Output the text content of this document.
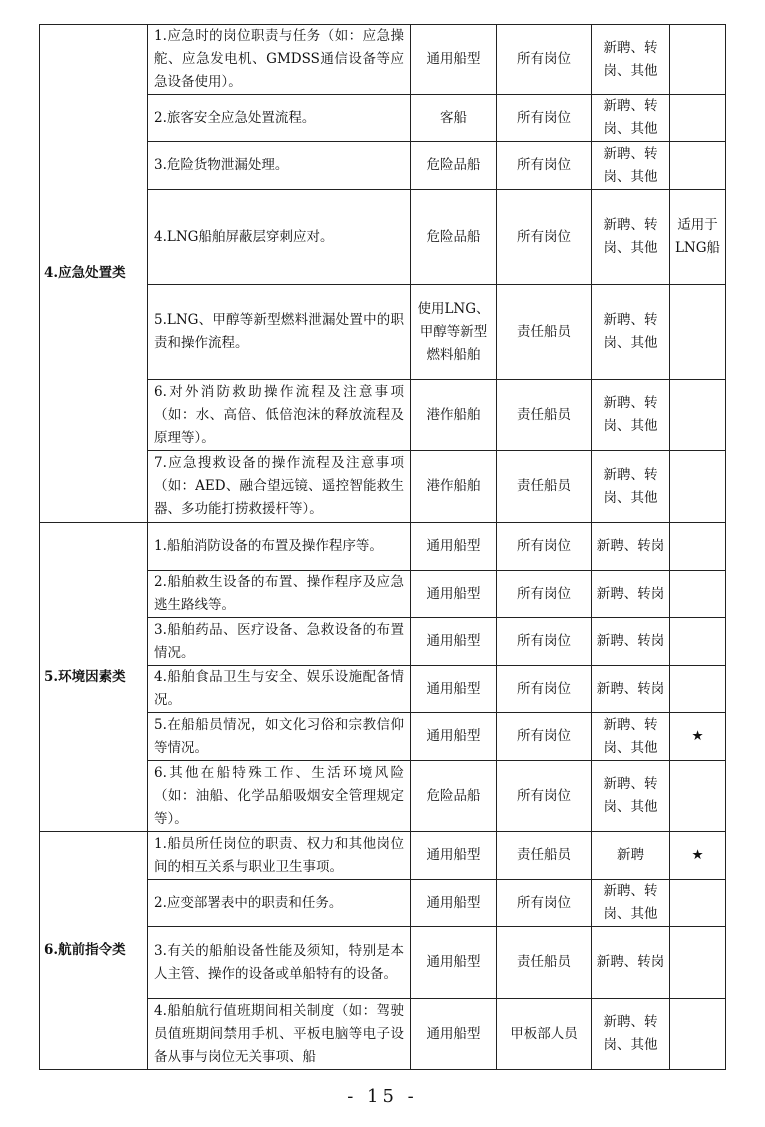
4.应急处置类	1.应急时的岗位职责与任务（如：应急操舵、应急发电机、GMDSS通信设备等应急设备使用）。	通用船型	所有岗位	新聘、转岗、其他	
	2.旅客安全应急处置流程。	客船	所有岗位	新聘、转岗、其他	
	3.危险货物泄漏处理。	危险品船	所有岗位	新聘、转岗、其他	
	4.LNG船舶屏蔽层穿刺应对。	危险品船	所有岗位	新聘、转岗、其他	适用于LNG船
	5.LNG、甲醇等新型燃料泄漏处置中的职责和操作流程。	使用LNG、甲醇等新型燃料船舶	责任船员	新聘、转岗、其他	
	6.对外消防救助操作流程及注意事项（如：水、高倍、低倍泡沫的释放流程及原理等）。	港作船舶	责任船员	新聘、转岗、其他	
	7.应急搜救设备的操作流程及注意事项（如：AED、融合望远镜、遥控智能救生器、多功能打捞救援杆等）。	港作船舶	责任船员	新聘、转岗、其他	
5.环境因素类	1.船舶消防设备的布置及操作程序等。	通用船型	所有岗位	新聘、转岗	
	2.船舶救生设备的布置、操作程序及应急逃生路线等。	通用船型	所有岗位	新聘、转岗	
	3.船舶药品、医疗设备、急救设备的布置情况。	通用船型	所有岗位	新聘、转岗	
	4.船舶食品卫生与安全、娱乐设施配备情况。	通用船型	所有岗位	新聘、转岗	
	5.在船船员情况，如文化习俗和宗教信仰等情况。	通用船型	所有岗位	新聘、转岗、其他	★
	6.其他在船特殊工作、生活环境风险（如：油船、化学品船吸烟安全管理规定等）。	危险品船	所有岗位	新聘、转岗、其他	
6.航前指令类	1.船员所任岗位的职责、权力和其他岗位间的相互关系与职业卫生事项。	通用船型	责任船员	新聘	★
	2.应变部署表中的职责和任务。	通用船型	所有岗位	新聘、转岗、其他	
	3.有关的船舶设备性能及须知，特别是本人主管、操作的设备或单船特有的设备。	通用船型	责任船员	新聘、转岗	
	4.船舶航行值班期间相关制度（如：驾驶员值班期间禁用手机、平板电脑等电子设备从事与岗位无关事项、船	通用船型	甲板部人员	新聘、转岗、其他	
- 15 -
